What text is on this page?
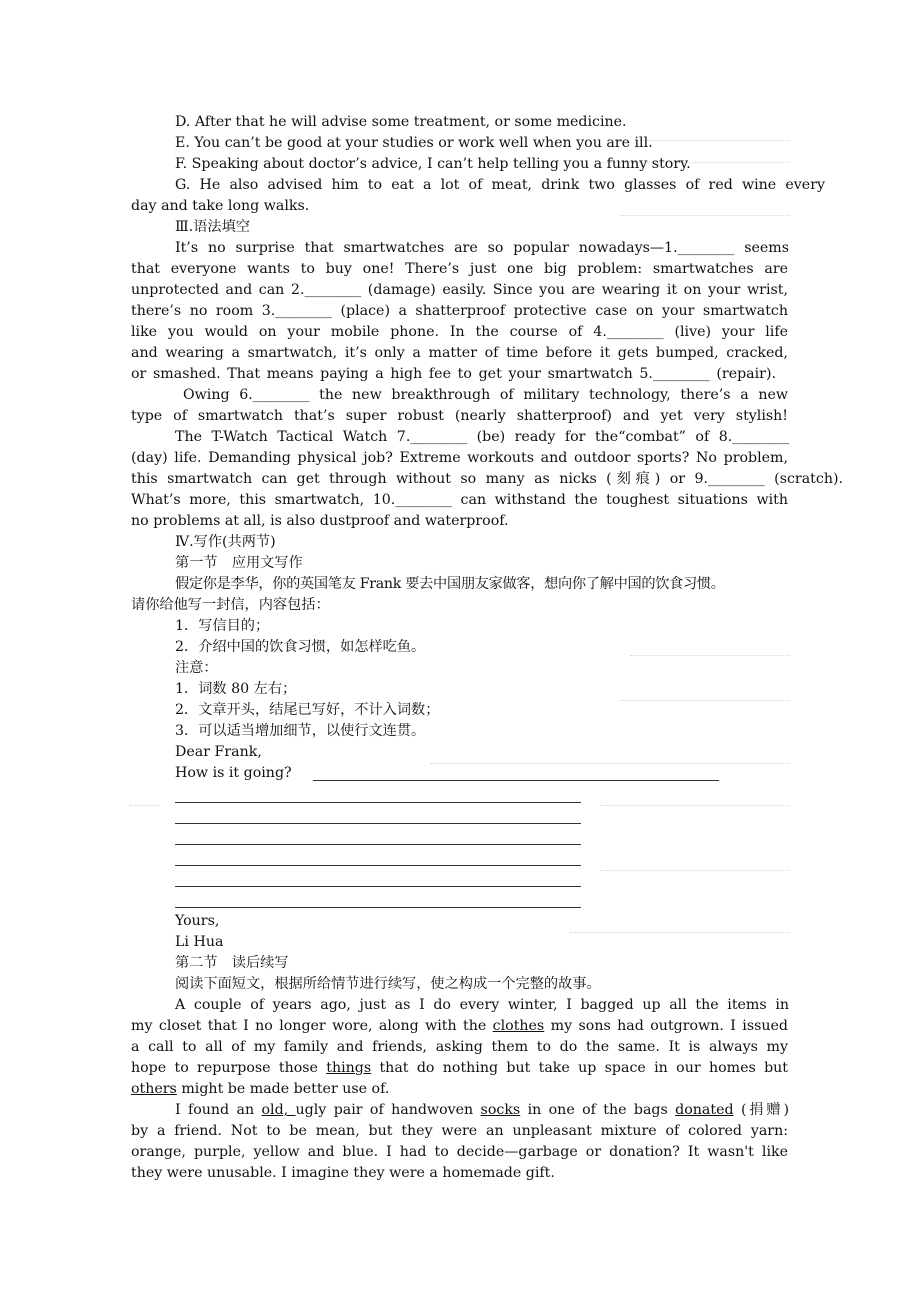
D. After that he will advise some treatment, or some medicine.

E. You can’t be good at your studies or work well when you are ill.

F. Speaking about doctor’s advice, I can’t help telling you a funny story.

G. He also advised him to eat a lot of meat, drink two glasses of red wine every

day and take long walks.

Ⅲ.语法填空

It’s no surprise that smartwatches are so popular nowadays—1.________ seems

that everyone wants to buy one! There’s just one big problem: smartwatches are

unprotected and can 2.________ (damage) easily. Since you are wearing it on your wrist,

there’s no room 3.________ (place) a shatterproof protective case on your smartwatch

like you would on your mobile phone. In the course of 4.________ (live) your life

and wearing a smartwatch, it’s only a matter of time before it gets bumped, cracked,

or smashed. That means paying a high fee to get your smartwatch 5.________ (repair).

Owing 6.________ the new breakthrough of military technology, there’s a new

type of smartwatch that’s super robust (nearly shatterproof) and yet very stylish!

The T-Watch Tactical Watch 7.________ (be) ready for the“combat” of 8.________

(day) life. Demanding physical job? Extreme workouts and outdoor sports? No problem,

this smartwatch can get through without so many as nicks (刻痕) or 9.________ (scratch).

What’s more, this smartwatch, 10.________ can withstand the toughest situations with

no problems at all, is also dustproof and waterproof.

Ⅳ.写作(共两节)

第一节　应用文写作

假定你是李华，你的英国笔友 Frank 要去中国朋友家做客，想向你了解中国的饮食习惯。

请你给他写一封信，内容包括：

1．写信目的；

2．介绍中国的饮食习惯，如怎样吃鱼。

注意：

1．词数 80 左右；

2．文章开头，结尾已写好，不计入词数；

3．可以适当增加细节，以使行文连贯。

Dear Frank,

How is it going?

Yours,

Li Hua

第二节　读后续写

阅读下面短文，根据所给情节进行续写，使之构成一个完整的故事。

A couple of years ago, just as I do every winter, I bagged up all the items in

my closet that I no longer wore, along with the clothes my sons had outgrown. I issued

a call to all of my family and friends, asking them to do the same. It is always my

hope to repurpose those things that do nothing but take up space in our homes but

others might be made better use of.

I found an old, ugly pair of handwoven socks in one of the bags donated (捐赠)

by a friend. Not to be mean, but they were an unpleasant mixture of colored yarn:

orange, purple, yellow and blue. I had to decide—garbage or donation? It wasn't like

they were unusable. I imagine they were a homemade gift.
